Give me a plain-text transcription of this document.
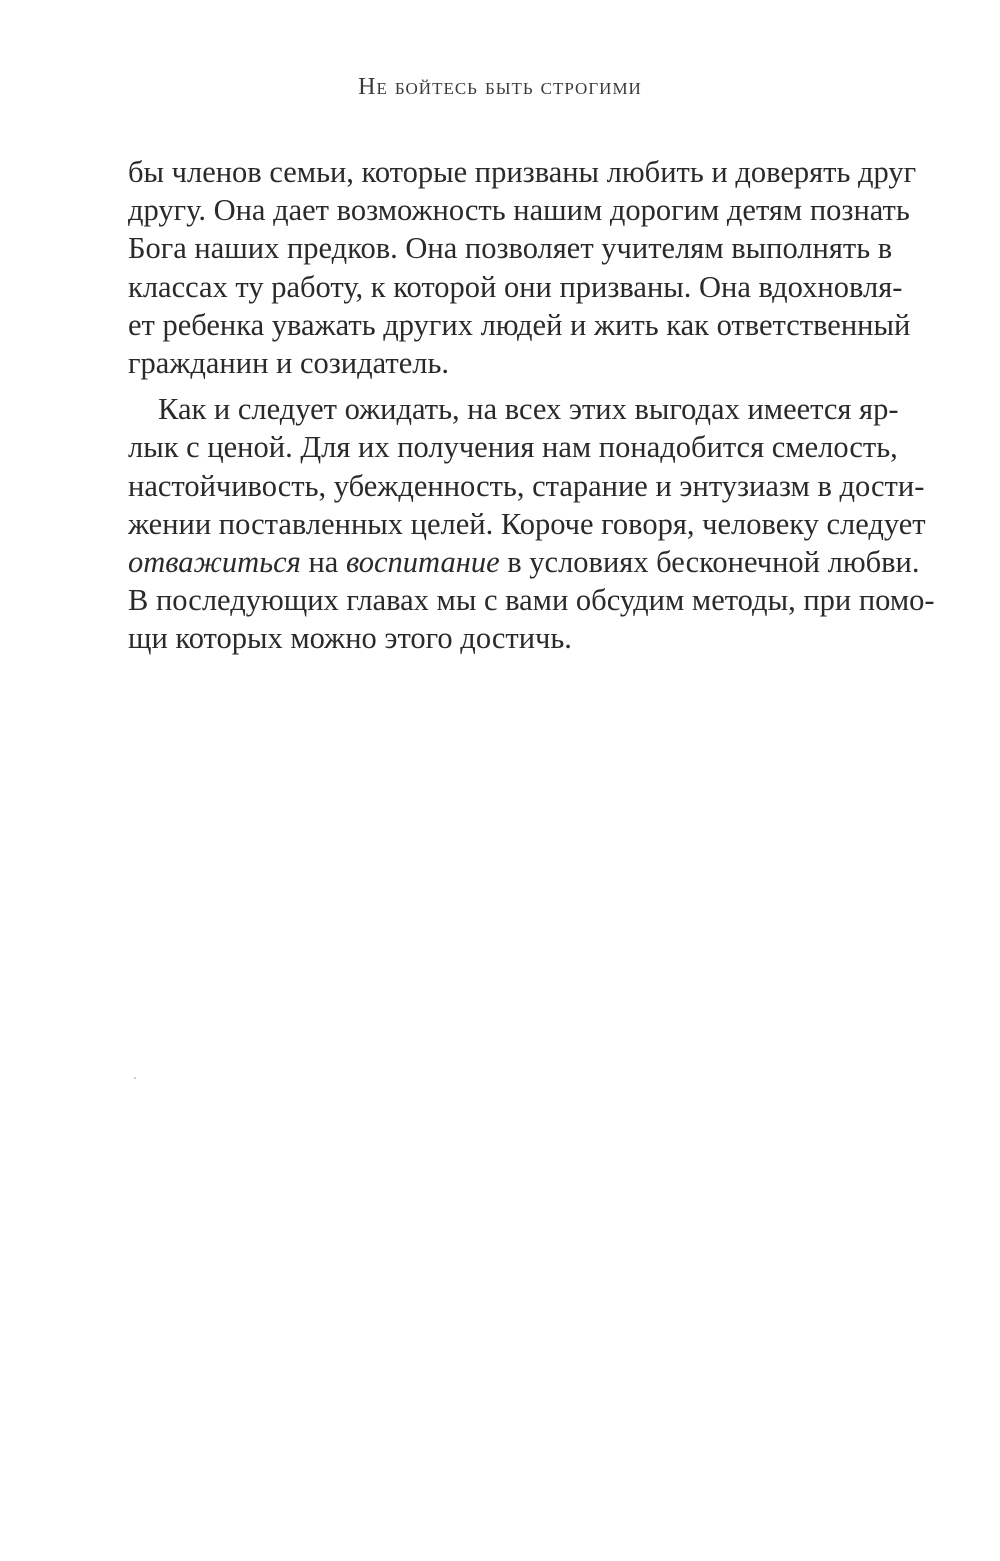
Не бойтесь быть строгими
бы членов семьи, которые призваны любить и доверять друг
другу. Она дает возможность нашим дорогим детям познать
Бога наших предков. Она позволяет учителям выполнять в
классах ту работу, к которой они призваны. Она вдохновля-
ет ребенка уважать других людей и жить как ответственный
гражданин и созидатель.
Как и следует ожидать, на всех этих выгодах имеется яр-
лык с ценой. Для их получения нам понадобится смелость,
настойчивость, убежденность, старание и энтузиазм в дости-
жении поставленных целей. Короче говоря, человеку следует
отважиться на воспитание в условиях бесконечной любви.
В последующих главах мы с вами обсудим методы, при помо-
щи которых можно этого достичь.
